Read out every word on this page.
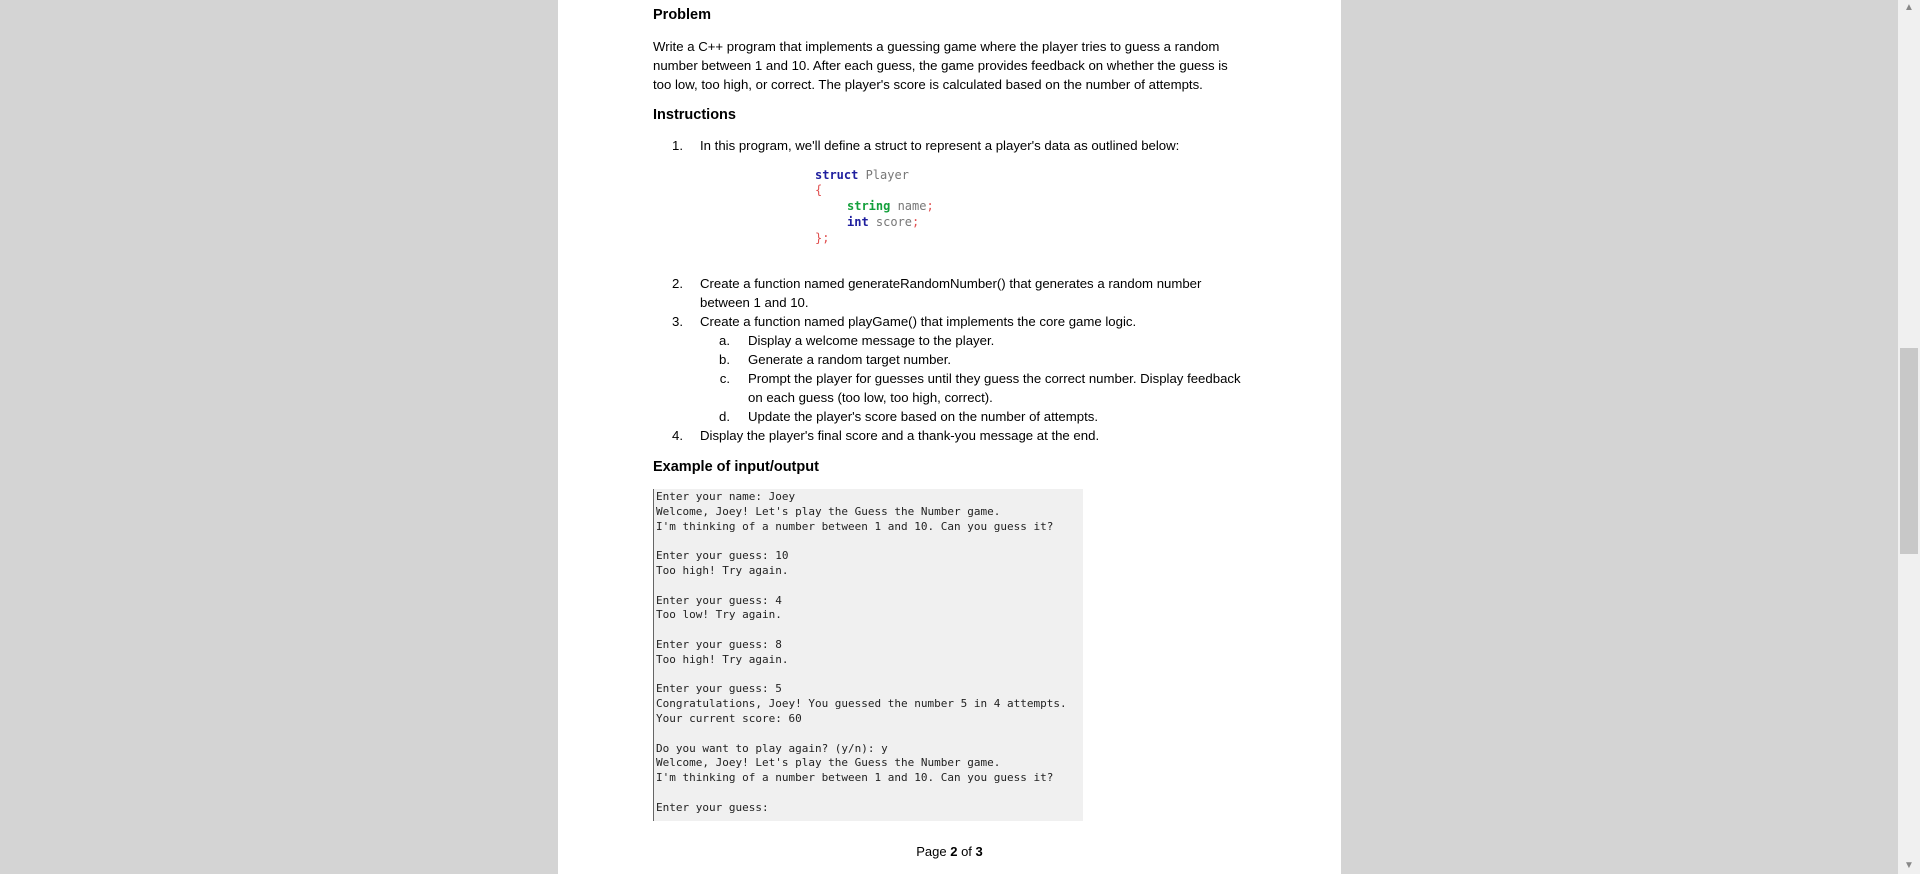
Problem
Write a C++ program that implements a guessing game where the player tries to guess a random number between 1 and 10. After each guess, the game provides feedback on whether the guess is too low, too high, or correct. The player's score is calculated based on the number of attempts.
Instructions
1. In this program, we'll define a struct to represent a player's data as outlined below:
struct Player
{
string name;
int score;
};
2. Create a function named generateRandomNumber() that generates a random number
between 1 and 10.
3. Create a function named playGame() that implements the core game logic.
a. Display a welcome message to the player.
b. Generate a random target number.
c. Prompt the player for guesses until they guess the correct number. Display feedback
on each guess (too low, too high, correct).
d. Update the player's score based on the number of attempts.
4. Display the player's final score and a thank-you message at the end.
Example of input/output
Enter your name: Joey
Welcome, Joey! Let's play the Guess the Number game.
I'm thinking of a number between 1 and 10. Can you guess it?

Enter your guess: 10
Too high! Try again.

Enter your guess: 4
Too low! Try again.

Enter your guess: 8
Too high! Try again.

Enter your guess: 5
Congratulations, Joey! You guessed the number 5 in 4 attempts.
Your current score: 60

Do you want to play again? (y/n): y
Welcome, Joey! Let's play the Guess the Number game.
I'm thinking of a number between 1 and 10. Can you guess it?

Enter your guess:
Page 2 of 3
▲
▼
